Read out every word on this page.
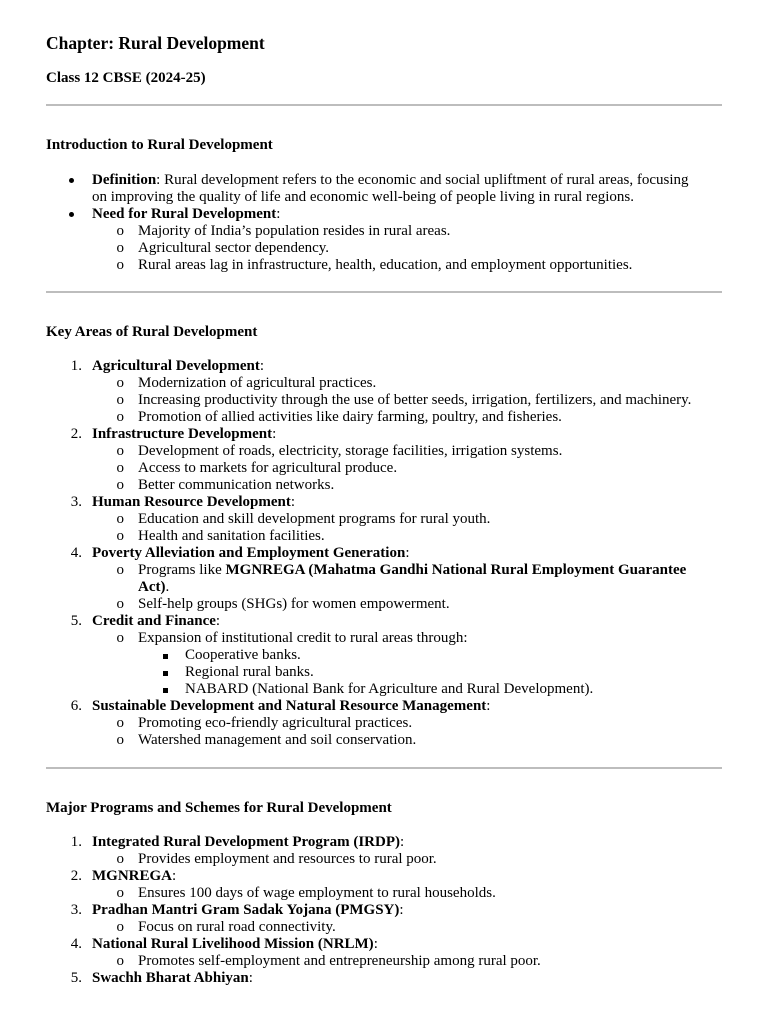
Chapter: Rural Development
Class 12 CBSE (2024-25)
Introduction to Rural Development
Definition: Rural development refers to the economic and social upliftment of rural areas, focusing
on improving the quality of life and economic well-being of people living in rural regions.
Need for Rural Development:
o Majority of India’s population resides in rural areas.
o Agricultural sector dependency.
o Rural areas lag in infrastructure, health, education, and employment opportunities.
Key Areas of Rural Development
1. Agricultural Development:
o Modernization of agricultural practices.
o Increasing productivity through the use of better seeds, irrigation, fertilizers, and machinery.
o Promotion of allied activities like dairy farming, poultry, and fisheries.
2. Infrastructure Development:
o Development of roads, electricity, storage facilities, irrigation systems.
o Access to markets for agricultural produce.
o Better communication networks.
3. Human Resource Development:
o Education and skill development programs for rural youth.
o Health and sanitation facilities.
4. Poverty Alleviation and Employment Generation:
o Programs like MGNREGA (Mahatma Gandhi National Rural Employment Guarantee
Act).
o Self-help groups (SHGs) for women empowerment.
5. Credit and Finance:
o Expansion of institutional credit to rural areas through:
Cooperative banks.
Regional rural banks.
NABARD (National Bank for Agriculture and Rural Development).
6. Sustainable Development and Natural Resource Management:
o Promoting eco-friendly agricultural practices.
o Watershed management and soil conservation.
Major Programs and Schemes for Rural Development
1. Integrated Rural Development Program (IRDP):
o Provides employment and resources to rural poor.
2. MGNREGA:
o Ensures 100 days of wage employment to rural households.
3. Pradhan Mantri Gram Sadak Yojana (PMGSY):
o Focus on rural road connectivity.
4. National Rural Livelihood Mission (NRLM):
o Promotes self-employment and entrepreneurship among rural poor.
5. Swachh Bharat Abhiyan:
